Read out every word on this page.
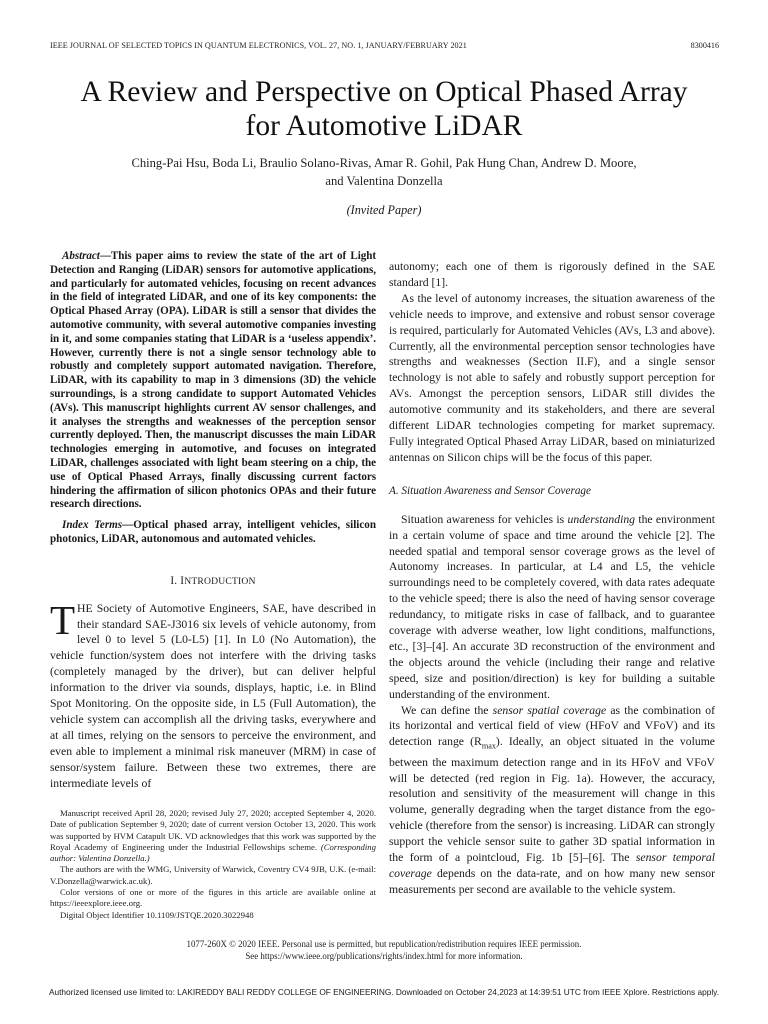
IEEE JOURNAL OF SELECTED TOPICS IN QUANTUM ELECTRONICS, VOL. 27, NO. 1, JANUARY/FEBRUARY 2021	8300416
A Review and Perspective on Optical Phased Array
for Automotive LiDAR
Ching-Pai Hsu, Boda Li, Braulio Solano-Rivas, Amar R. Gohil, Pak Hung Chan, Andrew D. Moore,
and Valentina Donzella
(Invited Paper)

Abstract—This paper aims to review the state of the art of Light Detection and Ranging (LiDAR) sensors for automotive applications, and particularly for automated vehicles, focusing on recent advances in the field of integrated LiDAR, and one of its key components: the Optical Phased Array (OPA). LiDAR is still a sensor that divides the automotive community, with several automotive companies investing in it, and some companies stating that LiDAR is a ‘useless appendix’. However, currently there is not a single sensor technology able to robustly and completely support automated navigation. Therefore, LiDAR, with its capability to map in 3 dimensions (3D) the vehicle surroundings, is a strong candidate to support Automated Vehicles (AVs). This manuscript highlights current AV sensor challenges, and it analyses the strengths and weaknesses of the perception sensor currently deployed. Then, the manuscript discusses the main LiDAR technologies emerging in automotive, and focuses on integrated LiDAR, challenges associated with light beam steering on a chip, the use of Optical Phased Arrays, finally discussing current factors hindering the affirmation of silicon photonics OPAs and their future research directions.

Index Terms—Optical phased array, intelligent vehicles, silicon photonics, LiDAR, autonomous and automated vehicles.

I. INTRODUCTION

THE Society of Automotive Engineers, SAE, have described in their standard SAE-J3016 six levels of vehicle autonomy, from level 0 to level 5 (L0-L5) [1]. In L0 (No Automation), the vehicle function/system does not interfere with the driving tasks (completely managed by the driver), but can deliver helpful information to the driver via sounds, displays, haptic, i.e. in Blind Spot Monitoring. On the opposite side, in L5 (Full Automation), the vehicle system can accomplish all the driving tasks, everywhere and at all times, relying on the sensors to perceive the environment, and even able to implement a minimal risk maneuver (MRM) in case of sensor/system failure. Between these two extremes, there are intermediate levels of

autonomy; each one of them is rigorously defined in the SAE standard [1].

As the level of autonomy increases, the situation awareness of the vehicle needs to improve, and extensive and robust sensor coverage is required, particularly for Automated Vehicles (AVs, L3 and above). Currently, all the environmental perception sensor technologies have strengths and weaknesses (Section II.F), and a single sensor technology is not able to safely and robustly support perception for AVs. Amongst the perception sensors, LiDAR still divides the automotive community and its stakeholders, and there are several different LiDAR technologies competing for market supremacy. Fully integrated Optical Phased Array LiDAR, based on miniaturized antennas on Silicon chips will be the focus of this paper.

A. Situation Awareness and Sensor Coverage

Situation awareness for vehicles is understanding the environment in a certain volume of space and time around the vehicle [2]. The needed spatial and temporal sensor coverage grows as the level of Autonomy increases. In particular, at L4 and L5, the vehicle surroundings need to be completely covered, with data rates adequate to the vehicle speed; there is also the need of having sensor coverage redundancy, to mitigate risks in case of fallback, and to guarantee coverage with adverse weather, low light conditions, malfunctions, etc., [3]–[4]. An accurate 3D reconstruction of the environment and the objects around the vehicle (including their range and relative speed, size and position/direction) is key for building a suitable understanding of the environment.

We can define the sensor spatial coverage as the combination of its horizontal and vertical field of view (HFoV and VFoV) and its detection range $(R_{max})$. Ideally, an object situated in the volume between the maximum detection range and in its HFoV and VFoV will be detected (red region in Fig. 1a). However, the accuracy, resolution and sensitivity of the measurement will change in this volume, generally degrading when the target distance from the ego-vehicle (therefore from the sensor) is increasing. LiDAR can strongly support the vehicle sensor suite to gather 3D spatial information in the form of a pointcloud, Fig. 1b [5]–[6]. The sensor temporal coverage depends on the data-rate, and on how many new sensor measurements per second are available to the vehicle system.

Manuscript received April 28, 2020; revised July 27, 2020; accepted September 4, 2020. Date of publication September 9, 2020; date of current version October 13, 2020. This work was supported by HVM Catapult UK. VD acknowledges that this work was supported by the Royal Academy of Engineering under the Industrial Fellowships scheme. (Corresponding author: Valentina Donzella.)

The authors are with the WMG, University of Warwick, Coventry CV4 9JB, U.K. (e-mail: V.Donzella@warwick.ac.uk).

Color versions of one or more of the figures in this article are available online at https://ieeexplore.ieee.org.

Digital Object Identifier 10.1109/JSTQE.2020.3022948

1077-260X © 2020 IEEE. Personal use is permitted, but republication/redistribution requires IEEE permission.
See https://www.ieee.org/publications/rights/index.html for more information.
Authorized licensed use limited to: LAKIREDDY BALI REDDY COLLEGE OF ENGINEERING. Downloaded on October 24,2023 at 14:39:51 UTC from IEEE Xplore. Restrictions apply.
